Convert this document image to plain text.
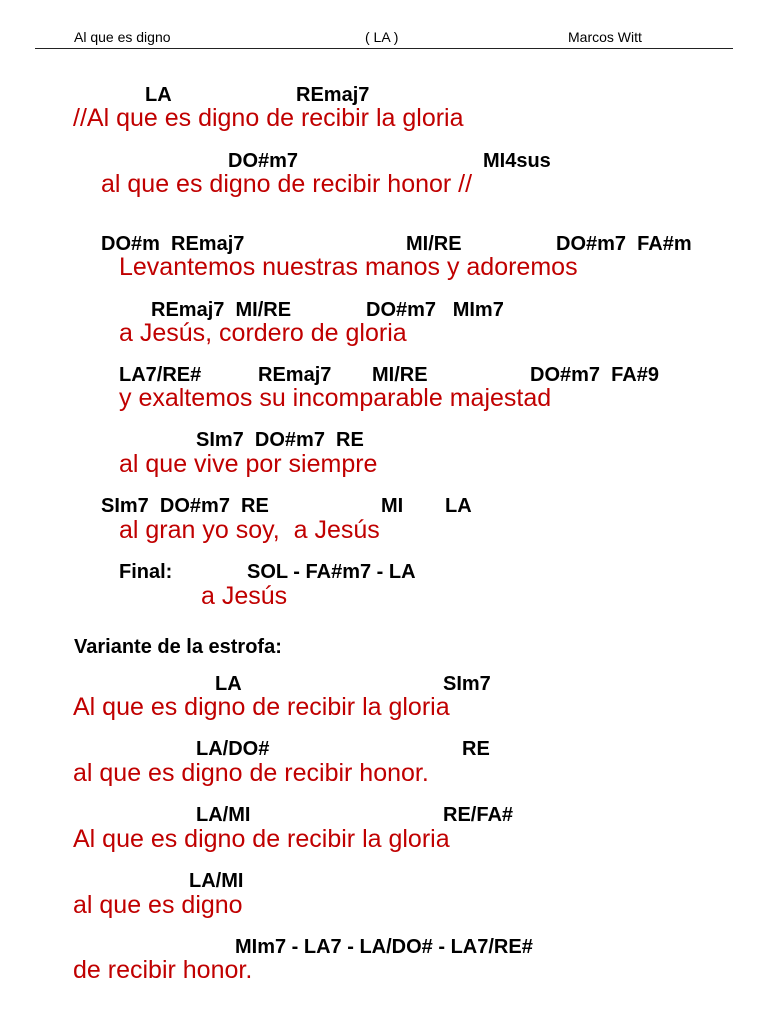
Al que es digno	( LA )	Marcos Witt
LA	REmaj7
//Al que es digno de recibir la gloria
DO#m7	MI4sus
al que es digno de recibir honor //
DO#m  REmaj7	MI/RE	DO#m7  FA#m
Levantemos nuestras manos y adoremos
REmaj7  MI/RE	DO#m7   MIm7
a Jesús, cordero de gloria
LA7/RE#	REmaj7 MI/RE	DO#m7  FA#9
y exaltemos su incomparable majestad
SIm7  DO#m7  RE
al que vive por siempre
SIm7  DO#m7  RE	MI LA
al gran yo soy,  a Jesús
Final:	SOL - FA#m7 - LA
a Jesús
Variante de la estrofa:
LA	SIm7
Al que es digno de recibir la gloria
LA/DO#	RE
al que es digno de recibir honor.
LA/MI	RE/FA#
Al que es digno de recibir la gloria
LA/MI
al que es digno
MIm7 - LA7 - LA/DO# - LA7/RE#
de recibir honor.
